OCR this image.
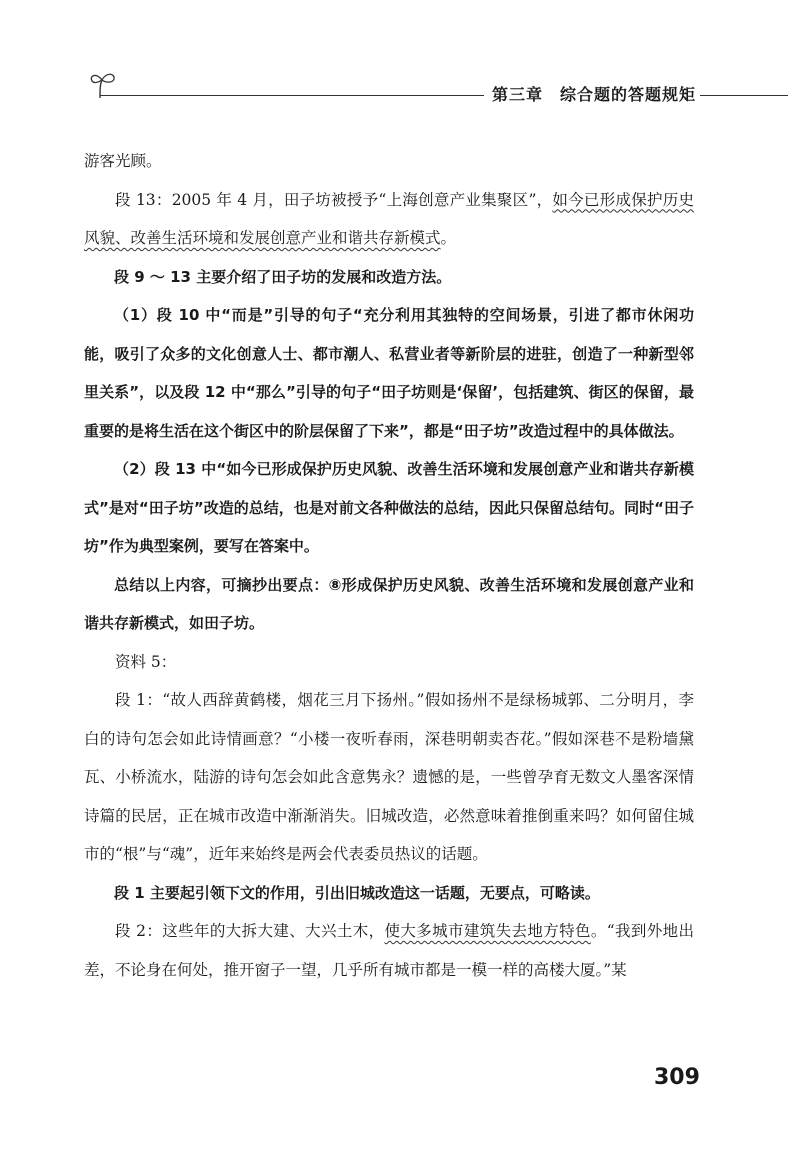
第三章　综合题的答题规矩

游客光顾。

段 13：2005 年 4 月，田子坊被授予“上海创意产业集聚区”，如今已形成保护历史风貌、改善生活环境和发展创意产业和谐共存新模式。

段 9 ～ 13 主要介绍了田子坊的发展和改造方法。

（1）段 10 中“而是”引导的句子“充分利用其独特的空间场景，引进了都市休闲功能，吸引了众多的文化创意人士、都市潮人、私营业者等新阶层的进驻，创造了一种新型邻里关系”，以及段 12 中“那么”引导的句子“田子坊则是‘保留’，包括建筑、街区的保留，最重要的是将生活在这个街区中的阶层保留了下来”，都是“田子坊”改造过程中的具体做法。

（2）段 13 中“如今已形成保护历史风貌、改善生活环境和发展创意产业和谐共存新模式”是对“田子坊”改造的总结，也是对前文各种做法的总结，因此只保留总结句。同时“田子坊”作为典型案例，要写在答案中。

总结以上内容，可摘抄出要点：⑧形成保护历史风貌、改善生活环境和发展创意产业和谐共存新模式，如田子坊。

资料 5：

段 1：“故人西辞黄鹤楼，烟花三月下扬州。”假如扬州不是绿杨城郭、二分明月，李白的诗句怎会如此诗情画意？“小楼一夜听春雨，深巷明朝卖杏花。”假如深巷不是粉墙黛瓦、小桥流水，陆游的诗句怎会如此含意隽永？遗憾的是，一些曾孕育无数文人墨客深情诗篇的民居，正在城市改造中渐渐消失。旧城改造，必然意味着推倒重来吗？如何留住城市的“根”与“魂”，近年来始终是两会代表委员热议的话题。

段 1 主要起引领下文的作用，引出旧城改造这一话题，无要点，可略读。

段 2：这些年的大拆大建、大兴土木，使大多城市建筑失去地方特色。“我到外地出差，不论身在何处，推开窗子一望，几乎所有城市都是一模一样的高楼大厦。”某

309
